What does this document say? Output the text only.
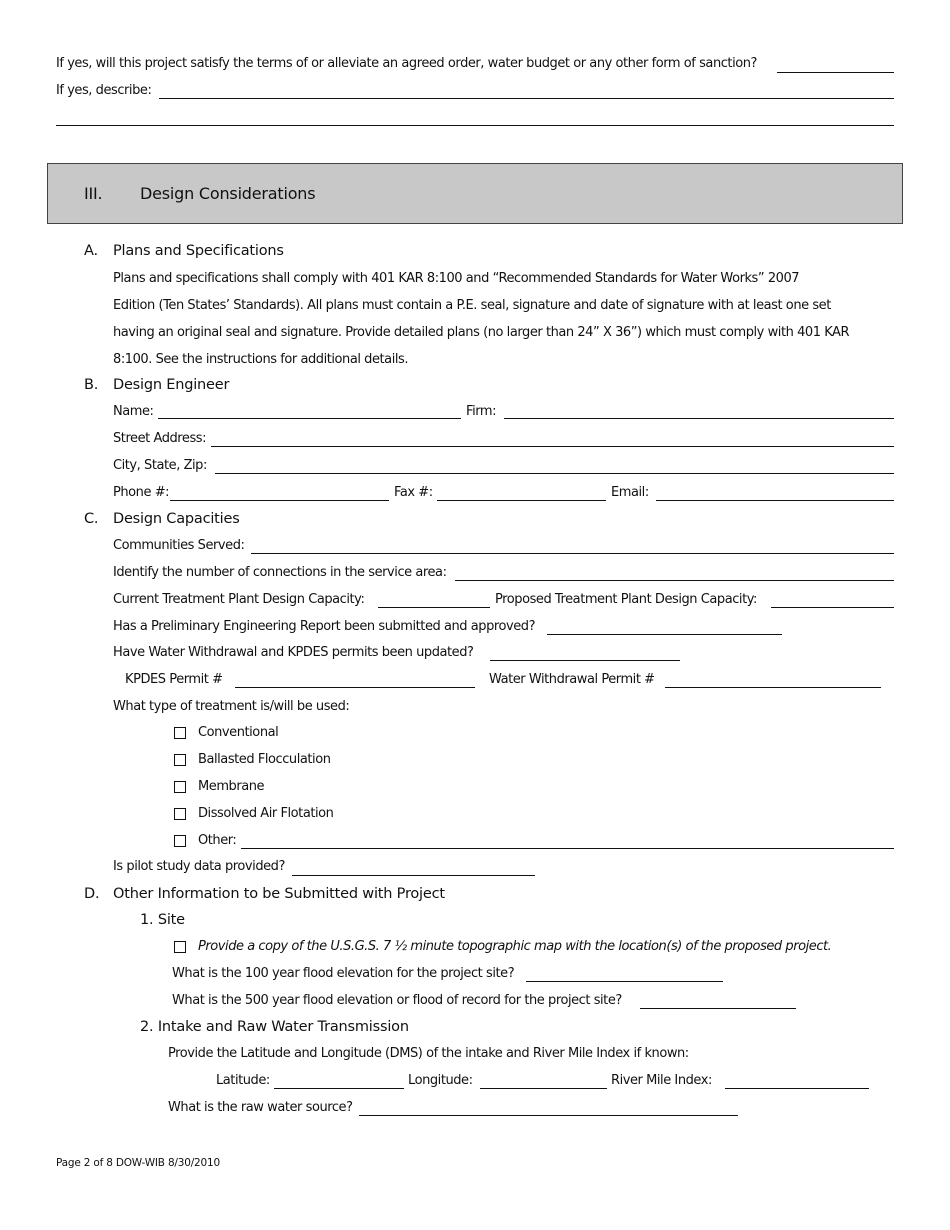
If yes, will this project satisfy the terms of or alleviate an agreed order, water budget or any other form of sanction?
If yes, describe:
III. Design Considerations
A. Plans and Specifications
Plans and specifications shall comply with 401 KAR 8:100 and “Recommended Standards for Water Works” 2007
Edition (Ten States’ Standards). All plans must contain a P.E. seal, signature and date of signature with at least one set
having an original seal and signature. Provide detailed plans (no larger than 24” X 36”) which must comply with 401 KAR
8:100. See the instructions for additional details.
B. Design Engineer
Name:	Firm:
Street Address:
City, State, Zip:
Phone #:	Fax #:	Email:
C. Design Capacities
Communities Served:
Identify the number of connections in the service area:
Current Treatment Plant Design Capacity:	Proposed Treatment Plant Design Capacity:
Has a Preliminary Engineering Report been submitted and approved?
Have Water Withdrawal and KPDES permits been updated?
KPDES Permit #	Water Withdrawal Permit #
What type of treatment is/will be used:
Conventional
Ballasted Flocculation
Membrane
Dissolved Air Flotation
Other:
Is pilot study data provided?
D. Other Information to be Submitted with Project
1. Site
Provide a copy of the U.S.G.S. 7 ½ minute topographic map with the location(s) of the proposed project.
What is the 100 year flood elevation for the project site?
What is the 500 year flood elevation or flood of record for the project site?
2. Intake and Raw Water Transmission
Provide the Latitude and Longitude (DMS) of the intake and River Mile Index if known:
Latitude:	Longitude:	River Mile Index:
What is the raw water source?
Page 2 of 8 DOW-WIB 8/30/2010
